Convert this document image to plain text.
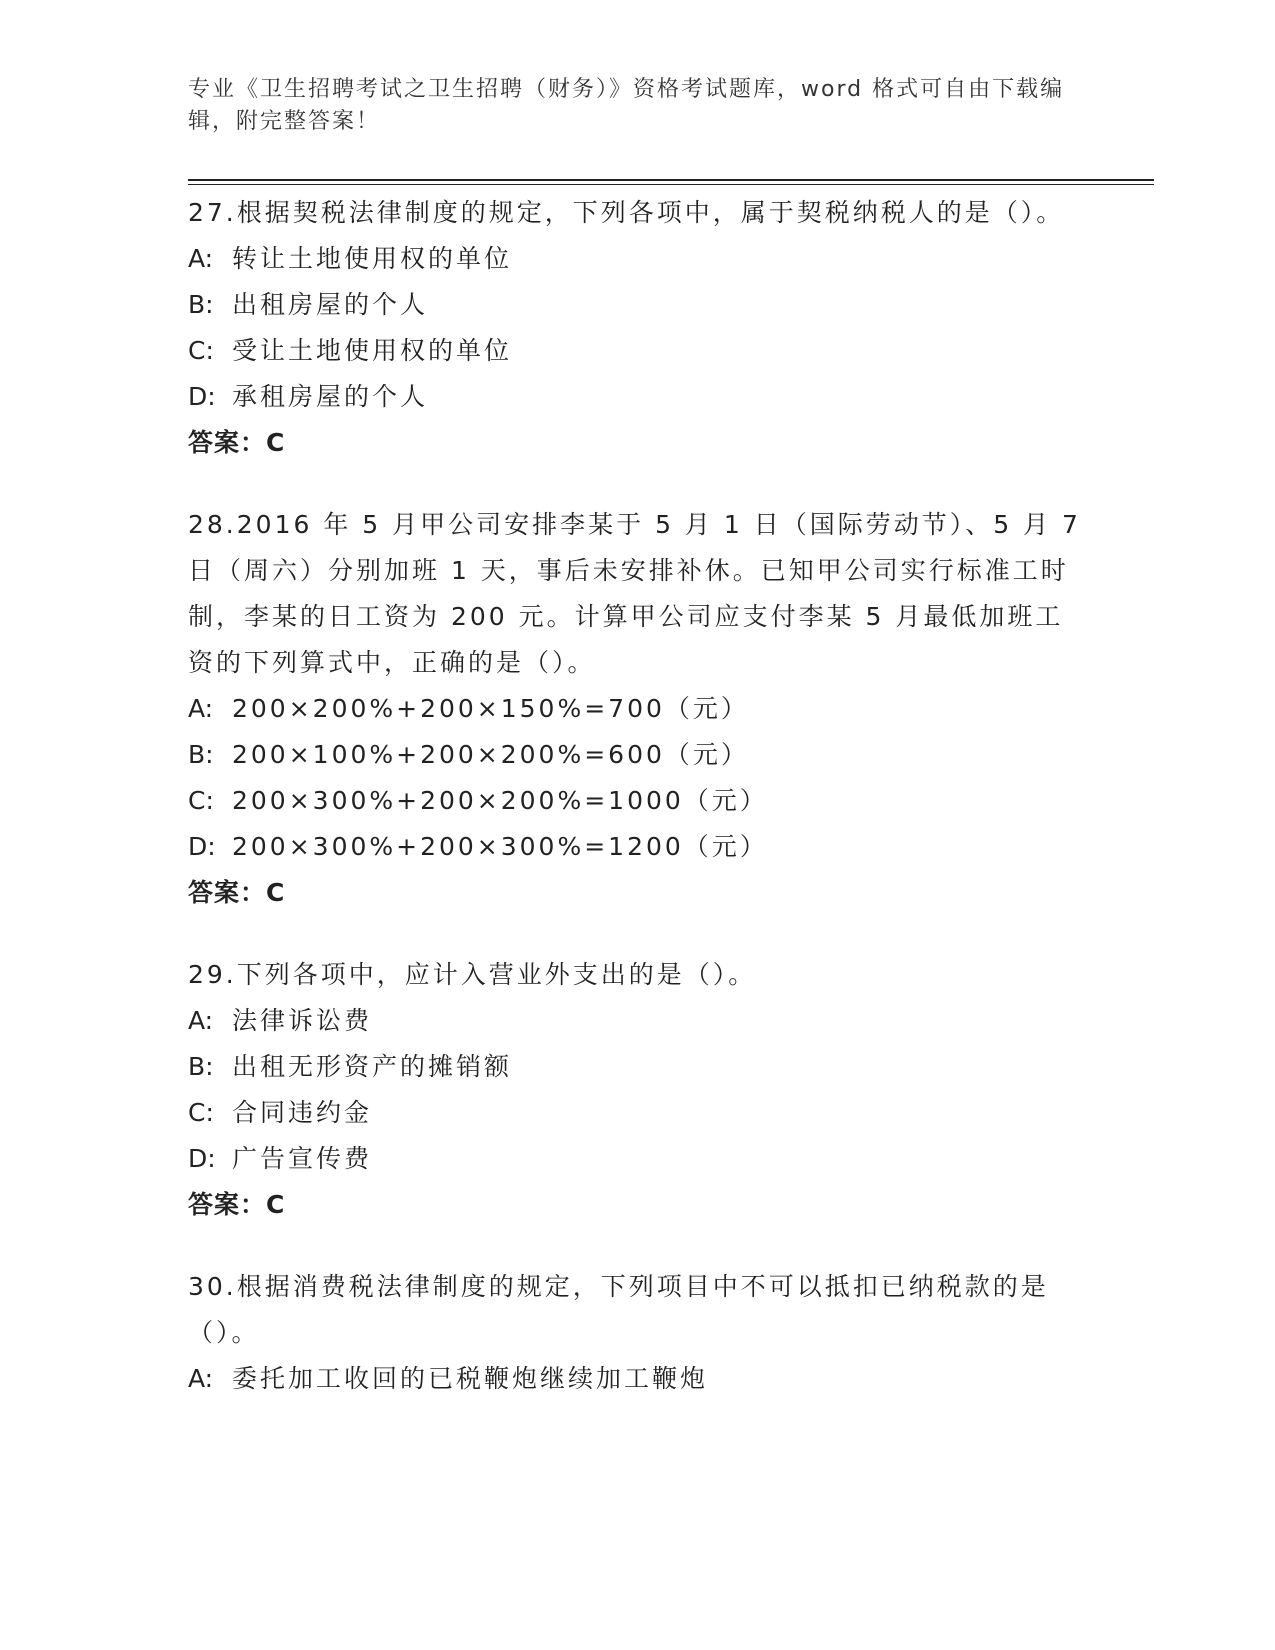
专业《卫生招聘考试之卫生招聘（财务）》资格考试题库，word 格式可自由下载编辑，附完整答案！
27.根据契税法律制度的规定，下列各项中，属于契税纳税人的是（）。
A: 转让土地使用权的单位
B: 出租房屋的个人
C: 受让土地使用权的单位
D: 承租房屋的个人
答案：C
28.2016 年 5 月甲公司安排李某于 5 月 1 日（国际劳动节）、5 月 7 日（周六）分别加班 1 天，事后未安排补休。已知甲公司实行标准工时制，李某的日工资为 200 元。计算甲公司应支付李某 5 月最低加班工资的下列算式中，正确的是（）。
A: 200×200%+200×150%=700（元）
B: 200×100%+200×200%=600（元）
C: 200×300%+200×200%=1000（元）
D: 200×300%+200×300%=1200（元）
答案：C
29.下列各项中，应计入营业外支出的是（）。
A: 法律诉讼费
B: 出租无形资产的摊销额
C: 合同违约金
D: 广告宣传费
答案：C
30.根据消费税法律制度的规定，下列项目中不可以抵扣已纳税款的是（）。
A: 委托加工收回的已税鞭炮继续加工鞭炮
